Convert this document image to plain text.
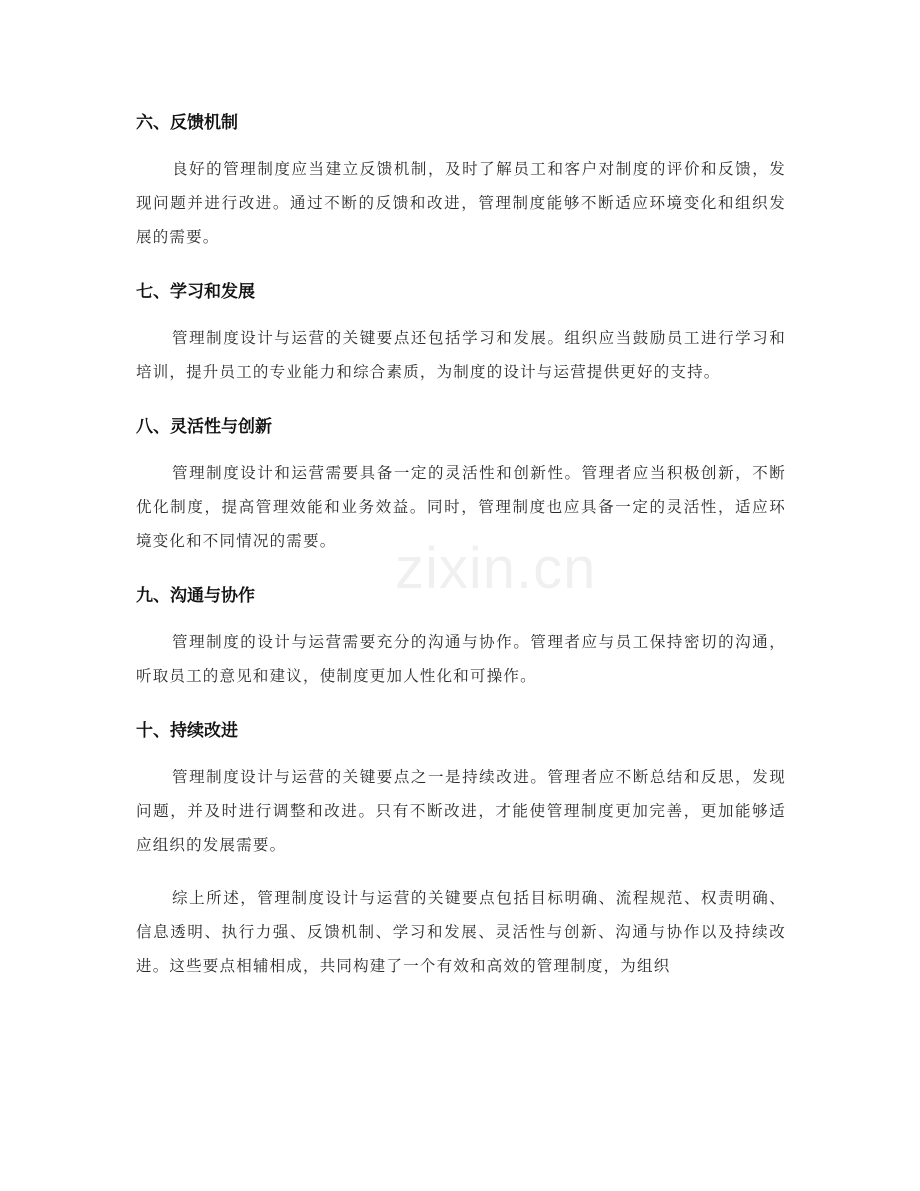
六、反馈机制
良好的管理制度应当建立反馈机制，及时了解员工和客户对制度的评价和反馈，发现问题并进行改进。通过不断的反馈和改进，管理制度能够不断适应环境变化和组织发展的需要。
七、学习和发展
管理制度设计与运营的关键要点还包括学习和发展。组织应当鼓励员工进行学习和培训，提升员工的专业能力和综合素质，为制度的设计与运营提供更好的支持。
八、灵活性与创新
管理制度设计和运营需要具备一定的灵活性和创新性。管理者应当积极创新，不断优化制度，提高管理效能和业务效益。同时，管理制度也应具备一定的灵活性，适应环境变化和不同情况的需要。
九、沟通与协作
管理制度的设计与运营需要充分的沟通与协作。管理者应与员工保持密切的沟通，听取员工的意见和建议，使制度更加人性化和可操作。
十、持续改进
管理制度设计与运营的关键要点之一是持续改进。管理者应不断总结和反思，发现问题，并及时进行调整和改进。只有不断改进，才能使管理制度更加完善，更加能够适应组织的发展需要。
综上所述，管理制度设计与运营的关键要点包括目标明确、流程规范、权责明确、信息透明、执行力强、反馈机制、学习和发展、灵活性与创新、沟通与协作以及持续改进。这些要点相辅相成，共同构建了一个有效和高效的管理制度，为组织
zixin.cn
